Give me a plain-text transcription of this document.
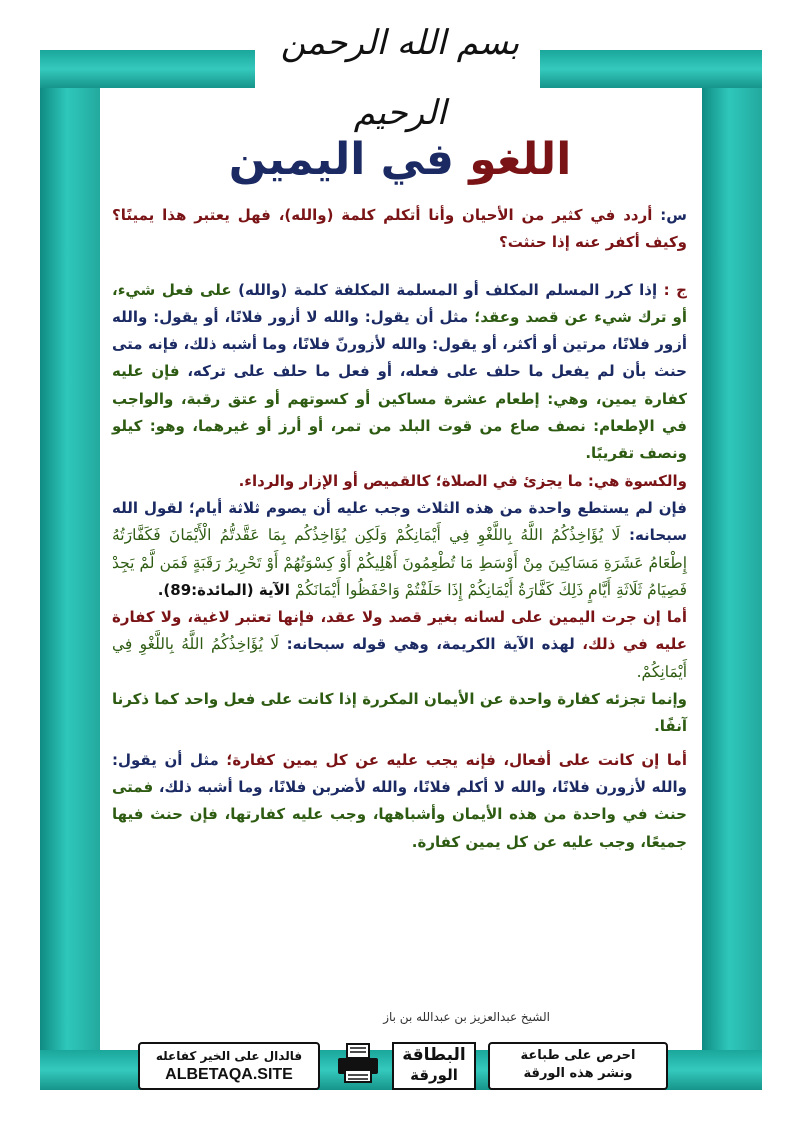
بسم الله الرحمن الرحيم
اللغو في اليمين

س: أردد في كثير من الأحيان وأنا أتكلم كلمة (والله)، فهل يعتبر هذا يمينًا؟ وكيف أكفر عنه إذا حنثت؟

ج : إذا كرر المسلم المكلف أو المسلمة المكلفة كلمة (والله) على فعل شيء، أو ترك شيء عن قصد وعقد؛ مثل أن يقول: والله لا أزور فلانًا، أو يقول: والله أزور فلانًا، مرتين أو أكثر، أو يقول: والله لأزورنّ فلانًا، وما أشبه ذلك، فإنه متى حنث بأن لم يفعل ما حلف على فعله، أو فعل ما حلف على تركه، فإن عليه كفارة يمين، وهي: إطعام عشرة مساكين أو كسوتهم أو عتق رقبة، والواجب في الإطعام: نصف صاع من قوت البلد من تمر، أو أرز أو غيرهما، وهو: كيلو ونصف تقريبًا.

والكسوة هي: ما يجزئ في الصلاة؛ كالقميص أو الإزار والرداء.

فإن لم يستطع واحدة من هذه الثلاث وجب عليه أن يصوم ثلاثة أيام؛ لقول الله سبحانه: لَا يُؤَاخِذُكُمُ اللَّهُ بِاللَّغْوِ فِي أَيْمَانِكُمْ وَلَكِن يُؤَاخِذُكُم بِمَا عَقَّدتُّمُ الْأَيْمَانَ فَكَفَّارَتُهُ إِطْعَامُ عَشَرَةِ مَسَاكِينَ مِنْ أَوْسَطِ مَا تُطْعِمُونَ أَهْلِيكُمْ أَوْ كِسْوَتُهُمْ أَوْ تَحْرِيرُ رَقَبَةٍ فَمَن لَّمْ يَجِدْ فَصِيَامُ ثَلَاثَةِ أَيَّامٍ ذَلِكَ كَفَّارَةُ أَيْمَانِكُمْ إِذَا حَلَفْتُمْ وَاحْفَظُوا أَيْمَانَكُمْ الآية (المائدة:89).

أما إن جرت اليمين على لسانه بغير قصد ولا عقد، فإنها تعتبر لاغية، ولا كفارة عليه في ذلك، لهذه الآية الكريمة، وهي قوله سبحانه: لَا يُؤَاخِذُكُمُ اللَّهُ بِاللَّغْوِ فِي أَيْمَانِكُمْ.

وإنما تجزئه كفارة واحدة عن الأيمان المكررة إذا كانت على فعل واحد كما ذكرنا آنفًا.

أما إن كانت على أفعال، فإنه يجب عليه عن كل يمين كفارة؛ مثل أن يقول: والله لأزورن فلانًا، والله لا أكلم فلانًا، والله لأضربن فلانًا، وما أشبه ذلك، فمتى حنث في واحدة من هذه الأيمان وأشباهها، وجب عليه كفارتها، فإن حنث فيها جميعًا، وجب عليه عن كل يمين كفارة.

الشيخ عبدالعزيز بن عبدالله بن باز
فالدال على الخير كفاعله
ALBETAQA.SITE
البطاقة
الورقة
احرص على طباعة
ونشر هذه الورقة
